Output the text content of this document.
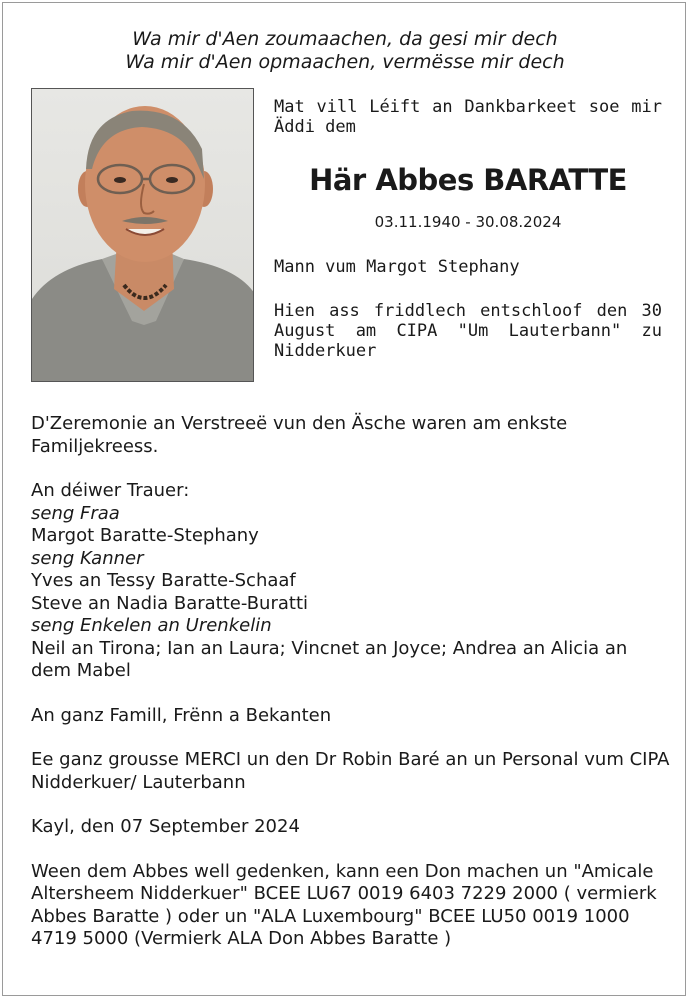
Wa mir d'Aen zoumaachen, da gesi mir dech
Wa mir d'Aen opmaachen, vermësse mir dech
Mat vill Léift an Dankbarkeet soe mir Äddi dem
Här Abbes BARATTE
03.11.1940 - 30.08.2024
Mann vum Margot Stephany
Hien ass friddlech entschloof den 30 August am CIPA "Um Lauterbann" zu Nidderkuer

D'Zeremonie an Verstreeë vun den Äsche waren am enkste Familjekreess.

An déiwer Trauer:

seng Fraa

Margot Baratte-Stephany

seng Kanner

Yves an Tessy Baratte-Schaaf

Steve an Nadia Baratte-Buratti

seng Enkelen an Urenkelin

Neil an Tirona; Ian an Laura; Vincnet an Joyce; Andrea an Alicia an dem Mabel

An ganz Famill, Frënn a Bekanten

Ee ganz grousse MERCI un den Dr Robin Baré an un Personal vum CIPA Nidderkuer/ Lauterbann

Kayl, den 07 September 2024

Ween dem Abbes well gedenken, kann een Don machen un "Amicale Altersheem Nidderkuer" BCEE LU67 0019 6403 7229 2000 ( vermierk Abbes Baratte ) oder un "ALA Luxembourg" BCEE LU50 0019 1000 4719 5000 (Vermierk ALA Don Abbes Baratte )
